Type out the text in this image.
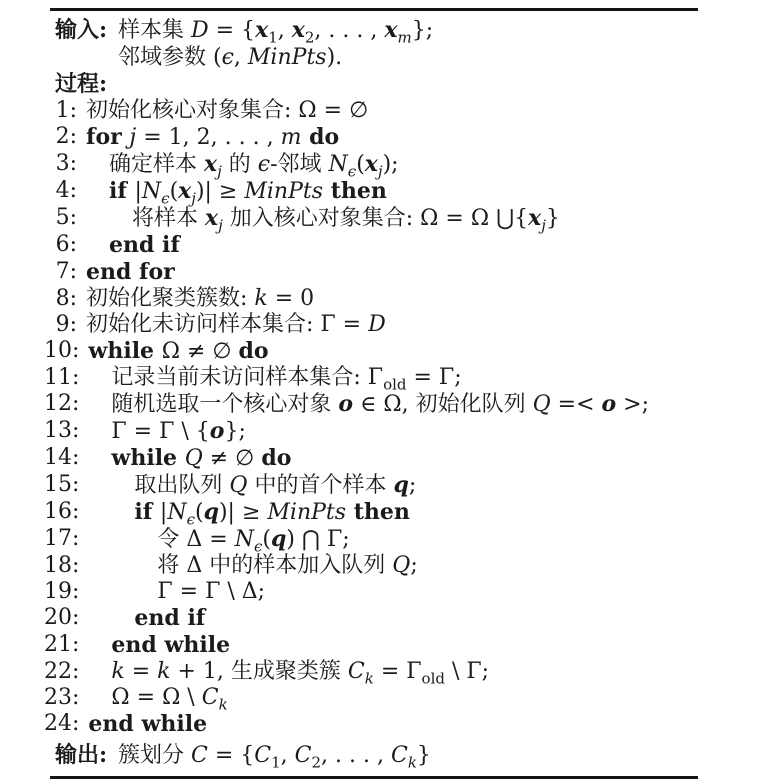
输入: 样本集 $D = \{x_1$, $x_2$, . . . , $x_m$};
邻域参数 (ϵ, MinPts).
过程:
1: 初始化核心对象集合: Ω = ∅
2: for j = 1, 2, . . . , m do
3:	确定样本 $x_j$ 的 ϵ-邻域 $N_\epsilon(x_j)$;
4:	if $|N_\epsilon(x_j)|$ ≥ MinPts then
5:	将样本 $x_j$ 加入核心对象集合: Ω = Ω $⋃\{x_j\}$
6:	end if
7: end for
8: 初始化聚类簇数: k = 0
9: 初始化未访问样本集合: Γ = D
10: while Ω ≠ ∅ do
11:	记录当前未访问样本集合: $\Gamma_{old} = \Gamma$;
12:	随机选取一个核心对象 o ∈ Ω, 初始化队列 Q =< o >;
13:	Γ = Γ \ {o};
14:	while Q ≠ ∅ do
15:	取出队列 Q 中的首个样本 q;
16:	if $|N_\epsilon(q)|$ ≥ MinPts then
17:	令 $\Delta = N_\epsilon(q)$ ⋂ Γ;
18:	将 Δ 中的样本加入队列 Q;
19:	Γ = Γ \ Δ;
20:	end if
21:	end while
22:	k = k + 1, 生成聚类簇 $C_k = \Gamma_{old}$ \ Γ;
23:	Ω = Ω \ $C_k$
24: end while
输出: 簇划分 $C = \{C_1$, $C_2$, . . . , $C_k$}
